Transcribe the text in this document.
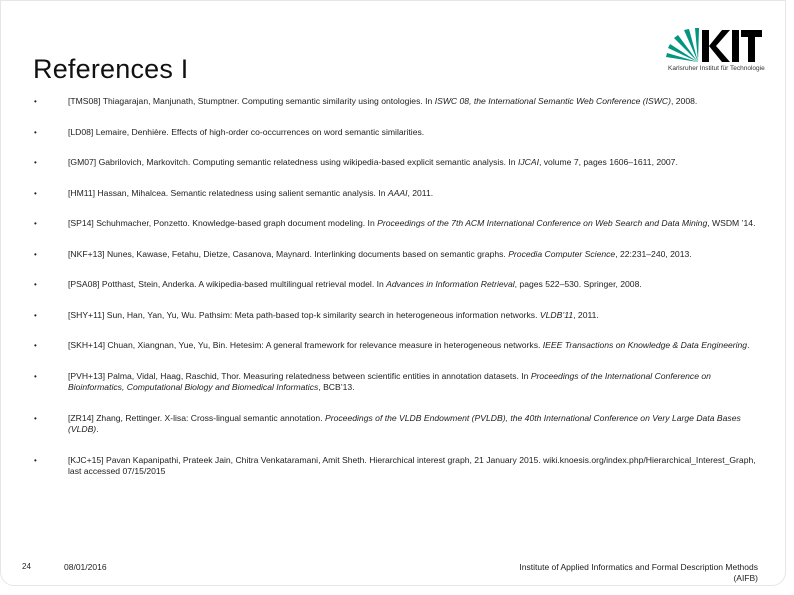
References I	Karlsruher Institut für Technologie
•	[TMS08] Thiagarajan, Manjunath, Stumptner. Computing semantic similarity using ontologies. In ISWC 08, the International Semantic Web Conference (ISWC), 2008.
•	[LD08] Lemaire, Denhière. Effects of high-order co-occurrences on word semantic similarities.
•	[GM07] Gabrilovich, Markovitch. Computing semantic relatedness using wikipedia-based explicit semantic analysis. In IJCAI, volume 7, pages 1606–1611, 2007.
•	[HM11] Hassan, Mihalcea. Semantic relatedness using salient semantic analysis. In AAAI, 2011.
•	[SP14] Schuhmacher, Ponzetto. Knowledge-based graph document modeling. In Proceedings of the 7th ACM International Conference on Web Search and Data Mining, WSDM ’14.
•	[NKF+13] Nunes, Kawase, Fetahu, Dietze, Casanova, Maynard. Interlinking documents based on semantic graphs. Procedia Computer Science, 22:231–240, 2013.
•	[PSA08] Potthast, Stein, Anderka. A wikipedia-based multilingual retrieval model. In Advances in Information Retrieval, pages 522–530. Springer, 2008.
•	[SHY+11] Sun, Han, Yan, Yu, Wu. Pathsim: Meta path-based top-k similarity search in heterogeneous information networks. VLDB’11, 2011.
•	[SKH+14] Chuan, Xiangnan, Yue, Yu, Bin. Hetesim: A general framework for relevance measure in heterogeneous networks. IEEE Transactions on Knowledge & Data Engineering.
•	[PVH+13] Palma, Vidal, Haag, Raschid, Thor. Measuring relatedness between scientific entities in annotation datasets. In Proceedings of the International Conference on Bioinformatics, Computational Biology and Biomedical Informatics, BCB’13.
•	[ZR14] Zhang, Rettinger. X-lisa: Cross-lingual semantic annotation. Proceedings of the VLDB Endowment (PVLDB), the 40th International Conference on Very Large Data Bases (VLDB).
•	[KJC+15] Pavan Kapanipathi, Prateek Jain, Chitra Venkataramani, Amit Sheth. Hierarchical interest graph, 21 January 2015. wiki.knoesis.org/index.php/Hierarchical_Interest_Graph, last accessed 07/15/2015
24	08/01/2016	Institute of Applied Informatics and Formal Description Methods (AIFB)
